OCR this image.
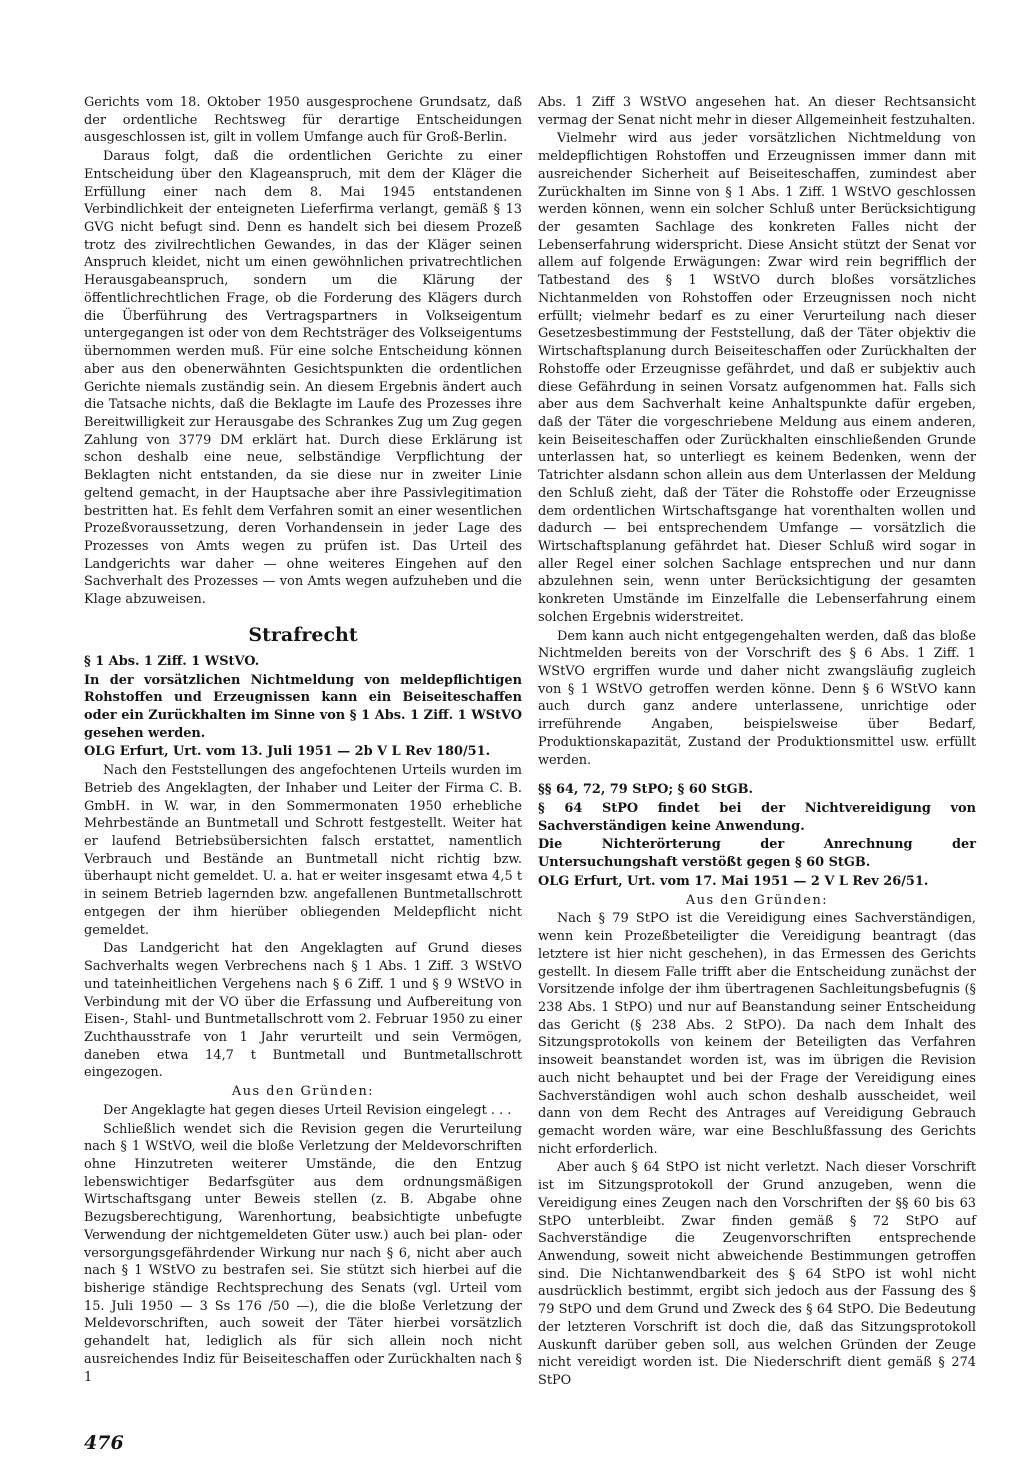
Gerichts vom 18. Oktober 1950 ausgesprochene Grundsatz, daß der ordentliche Rechtsweg für derartige Entscheidungen ausgeschlossen ist, gilt in vollem Umfange auch für Groß-Berlin.

Daraus folgt, daß die ordentlichen Gerichte zu einer Entscheidung über den Klageanspruch, mit dem der Kläger die Erfüllung einer nach dem 8. Mai 1945 entstandenen Verbindlichkeit der enteigneten Lieferfirma verlangt, gemäß § 13 GVG nicht befugt sind. Denn es handelt sich bei diesem Prozeß trotz des zivilrechtlichen Gewandes, in das der Kläger seinen Anspruch kleidet, nicht um einen gewöhnlichen privatrechtlichen Herausgabeanspruch, sondern um die Klärung der öffentlichrechtlichen Frage, ob die Forderung des Klägers durch die Überführung des Vertragspartners in Volkseigentum untergegangen ist oder von dem Rechtsträger des Volkseigentums übernommen werden muß. Für eine solche Entscheidung können aber aus den obenerwähnten Gesichtspunkten die ordentlichen Gerichte niemals zuständig sein. An diesem Ergebnis ändert auch die Tatsache nichts, daß die Beklagte im Laufe des Prozesses ihre Bereitwilligkeit zur Herausgabe des Schrankes Zug um Zug gegen Zahlung von 3779 DM erklärt hat. Durch diese Erklärung ist schon deshalb eine neue, selbständige Verpflichtung der Beklagten nicht entstanden, da sie diese nur in zweiter Linie geltend gemacht, in der Hauptsache aber ihre Passivlegitimation bestritten hat. Es fehlt dem Verfahren somit an einer wesentlichen Prozeßvoraussetzung, deren Vorhandensein in jeder Lage des Prozesses von Amts wegen zu prüfen ist. Das Urteil des Landgerichts war daher — ohne weiteres Eingehen auf den Sachverhalt des Prozesses — von Amts wegen aufzuheben und die Klage abzuweisen.

Strafrecht

§ 1 Abs. 1 Ziff. 1 WStVO.

In der vorsätzlichen Nichtmeldung von meldepflichtigen Rohstoffen und Erzeugnissen kann ein Beiseiteschaffen oder ein Zurückhalten im Sinne von § 1 Abs. 1 Ziff. 1 WStVO gesehen werden.

OLG Erfurt, Urt. vom 13. Juli 1951 — 2b V L Rev 180/51.

Nach den Feststellungen des angefochtenen Urteils wurden im Betrieb des Angeklagten, der Inhaber und Leiter der Firma C. B. GmbH. in W. war, in den Sommermonaten 1950 erhebliche Mehrbestände an Buntmetall und Schrott festgestellt. Weiter hat er laufend Betriebsübersichten falsch erstattet, namentlich Verbrauch und Bestände an Buntmetall nicht richtig bzw. überhaupt nicht gemeldet. U. a. hat er weiter insgesamt etwa 4,5 t in seinem Betrieb lagernden bzw. angefallenen Buntmetallschrott entgegen der ihm hierüber obliegenden Meldepflicht nicht gemeldet.

Das Landgericht hat den Angeklagten auf Grund dieses Sachverhalts wegen Verbrechens nach § 1 Abs. 1 Ziff. 3 WStVO und tateinheitlichen Vergehens nach § 6 Ziff. 1 und § 9 WStVO in Verbindung mit der VO über die Erfassung und Aufbereitung von Eisen-, Stahl- und Buntmetallschrott vom 2. Februar 1950 zu einer Zuchthausstrafe von 1 Jahr verurteilt und sein Vermögen, daneben etwa 14,7 t Buntmetall und Buntmetallschrott eingezogen.

Aus den Gründen:

Der Angeklagte hat gegen dieses Urteil Revision eingelegt . . .

Schließlich wendet sich die Revision gegen die Verurteilung nach § 1 WStVO, weil die bloße Verletzung der Meldevorschriften ohne Hinzutreten weiterer Umstände, die den Entzug lebenswichtiger Bedarfsgüter aus dem ordnungsmäßigen Wirtschaftsgang unter Beweis stellen (z. B. Abgabe ohne Bezugsberechtigung, Warenhortung, beabsichtigte unbefugte Verwendung der nichtgemeldeten Güter usw.) auch bei plan- oder versorgungsgefährdender Wirkung nur nach § 6, nicht aber auch nach § 1 WStVO zu bestrafen sei. Sie stützt sich hierbei auf die bisherige ständige Rechtsprechung des Senats (vgl. Urteil vom 15. Juli 1950 — 3 Ss 176 /50 —), die die bloße Verletzung der Meldevorschriften, auch soweit der Täter hierbei vorsätzlich gehandelt hat, lediglich als für sich allein noch nicht ausreichendes Indiz für Beiseiteschaffen oder Zurückhalten nach § 1

Abs. 1 Ziff 3 WStVO angesehen hat. An dieser Rechtsansicht vermag der Senat nicht mehr in dieser Allgemeinheit festzuhalten.

Vielmehr wird aus jeder vorsätzlichen Nichtmeldung von meldepflichtigen Rohstoffen und Erzeugnissen immer dann mit ausreichender Sicherheit auf Beiseiteschaffen, zumindest aber Zurückhalten im Sinne von § 1 Abs. 1 Ziff. 1 WStVO geschlossen werden können, wenn ein solcher Schluß unter Berücksichtigung der gesamten Sachlage des konkreten Falles nicht der Lebenserfahrung widerspricht. Diese Ansicht stützt der Senat vor allem auf folgende Erwägungen: Zwar wird rein begrifflich der Tatbestand des § 1 WStVO durch bloßes vorsätzliches Nichtanmelden von Rohstoffen oder Erzeugnissen noch nicht erfüllt; vielmehr bedarf es zu einer Verurteilung nach dieser Gesetzesbestimmung der Feststellung, daß der Täter objektiv die Wirtschaftsplanung durch Beiseiteschaffen oder Zurückhalten der Rohstoffe oder Erzeugnisse gefährdet, und daß er subjektiv auch diese Gefährdung in seinen Vorsatz aufgenommen hat. Falls sich aber aus dem Sachverhalt keine Anhaltspunkte dafür ergeben, daß der Täter die vorgeschriebene Meldung aus einem anderen, kein Beiseiteschaffen oder Zurückhalten einschließenden Grunde unterlassen hat, so unterliegt es keinem Bedenken, wenn der Tatrichter alsdann schon allein aus dem Unterlassen der Meldung den Schluß zieht, daß der Täter die Rohstoffe oder Erzeugnisse dem ordentlichen Wirtschaftsgange hat vorenthalten wollen und dadurch — bei entsprechendem Umfange — vorsätzlich die Wirtschaftsplanung gefährdet hat. Dieser Schluß wird sogar in aller Regel einer solchen Sachlage entsprechen und nur dann abzulehnen sein, wenn unter Berücksichtigung der gesamten konkreten Umstände im Einzelfalle die Lebenserfahrung einem solchen Ergebnis widerstreitet.

Dem kann auch nicht entgegengehalten werden, daß das bloße Nichtmelden bereits von der Vorschrift des § 6 Abs. 1 Ziff. 1 WStVO ergriffen wurde und daher nicht zwangsläufig zugleich von § 1 WStVO getroffen werden könne. Denn § 6 WStVO kann auch durch ganz andere unterlassene, unrichtige oder irreführende Angaben, beispielsweise über Bedarf, Produktionskapazität, Zustand der Produktionsmittel usw. erfüllt werden.

§§ 64, 72, 79 StPO; § 60 StGB.

§ 64 StPO findet bei der Nichtvereidigung von Sachverständigen keine Anwendung.

Die Nichterörterung der Anrechnung der Untersuchungshaft verstößt gegen § 60 StGB.

OLG Erfurt, Urt. vom 17. Mai 1951 — 2 V L Rev 26/51.

Aus den Gründen:

Nach § 79 StPO ist die Vereidigung eines Sachverständigen, wenn kein Prozeßbeteiligter die Vereidigung beantragt (das letztere ist hier nicht geschehen), in das Ermessen des Gerichts gestellt. In diesem Falle trifft aber die Entscheidung zunächst der Vorsitzende infolge der ihm übertragenen Sachleitungsbefugnis (§ 238 Abs. 1 StPO) und nur auf Beanstandung seiner Entscheidung das Gericht (§ 238 Abs. 2 StPO). Da nach dem Inhalt des Sitzungsprotokolls von keinem der Beteiligten das Verfahren insoweit beanstandet worden ist, was im übrigen die Revision auch nicht behauptet und bei der Frage der Vereidigung eines Sachverständigen wohl auch schon deshalb ausscheidet, weil dann von dem Recht des Antrages auf Vereidigung Gebrauch gemacht worden wäre, war eine Beschlußfassung des Gerichts nicht erforderlich.

Aber auch § 64 StPO ist nicht verletzt. Nach dieser Vorschrift ist im Sitzungsprotokoll der Grund anzugeben, wenn die Vereidigung eines Zeugen nach den Vorschriften der §§ 60 bis 63 StPO unterbleibt. Zwar finden gemäß § 72 StPO auf Sachverständige die Zeugenvorschriften entsprechende Anwendung, soweit nicht abweichende Bestimmungen getroffen sind. Die Nichtanwendbarkeit des § 64 StPO ist wohl nicht ausdrücklich bestimmt, ergibt sich jedoch aus der Fassung des § 79 StPO und dem Grund und Zweck des § 64 StPO. Die Bedeutung der letzteren Vorschrift ist doch die, daß das Sitzungsprotokoll Auskunft darüber geben soll, aus welchen Gründen der Zeuge nicht vereidigt worden ist. Die Niederschrift dient gemäß § 274 StPO

476
